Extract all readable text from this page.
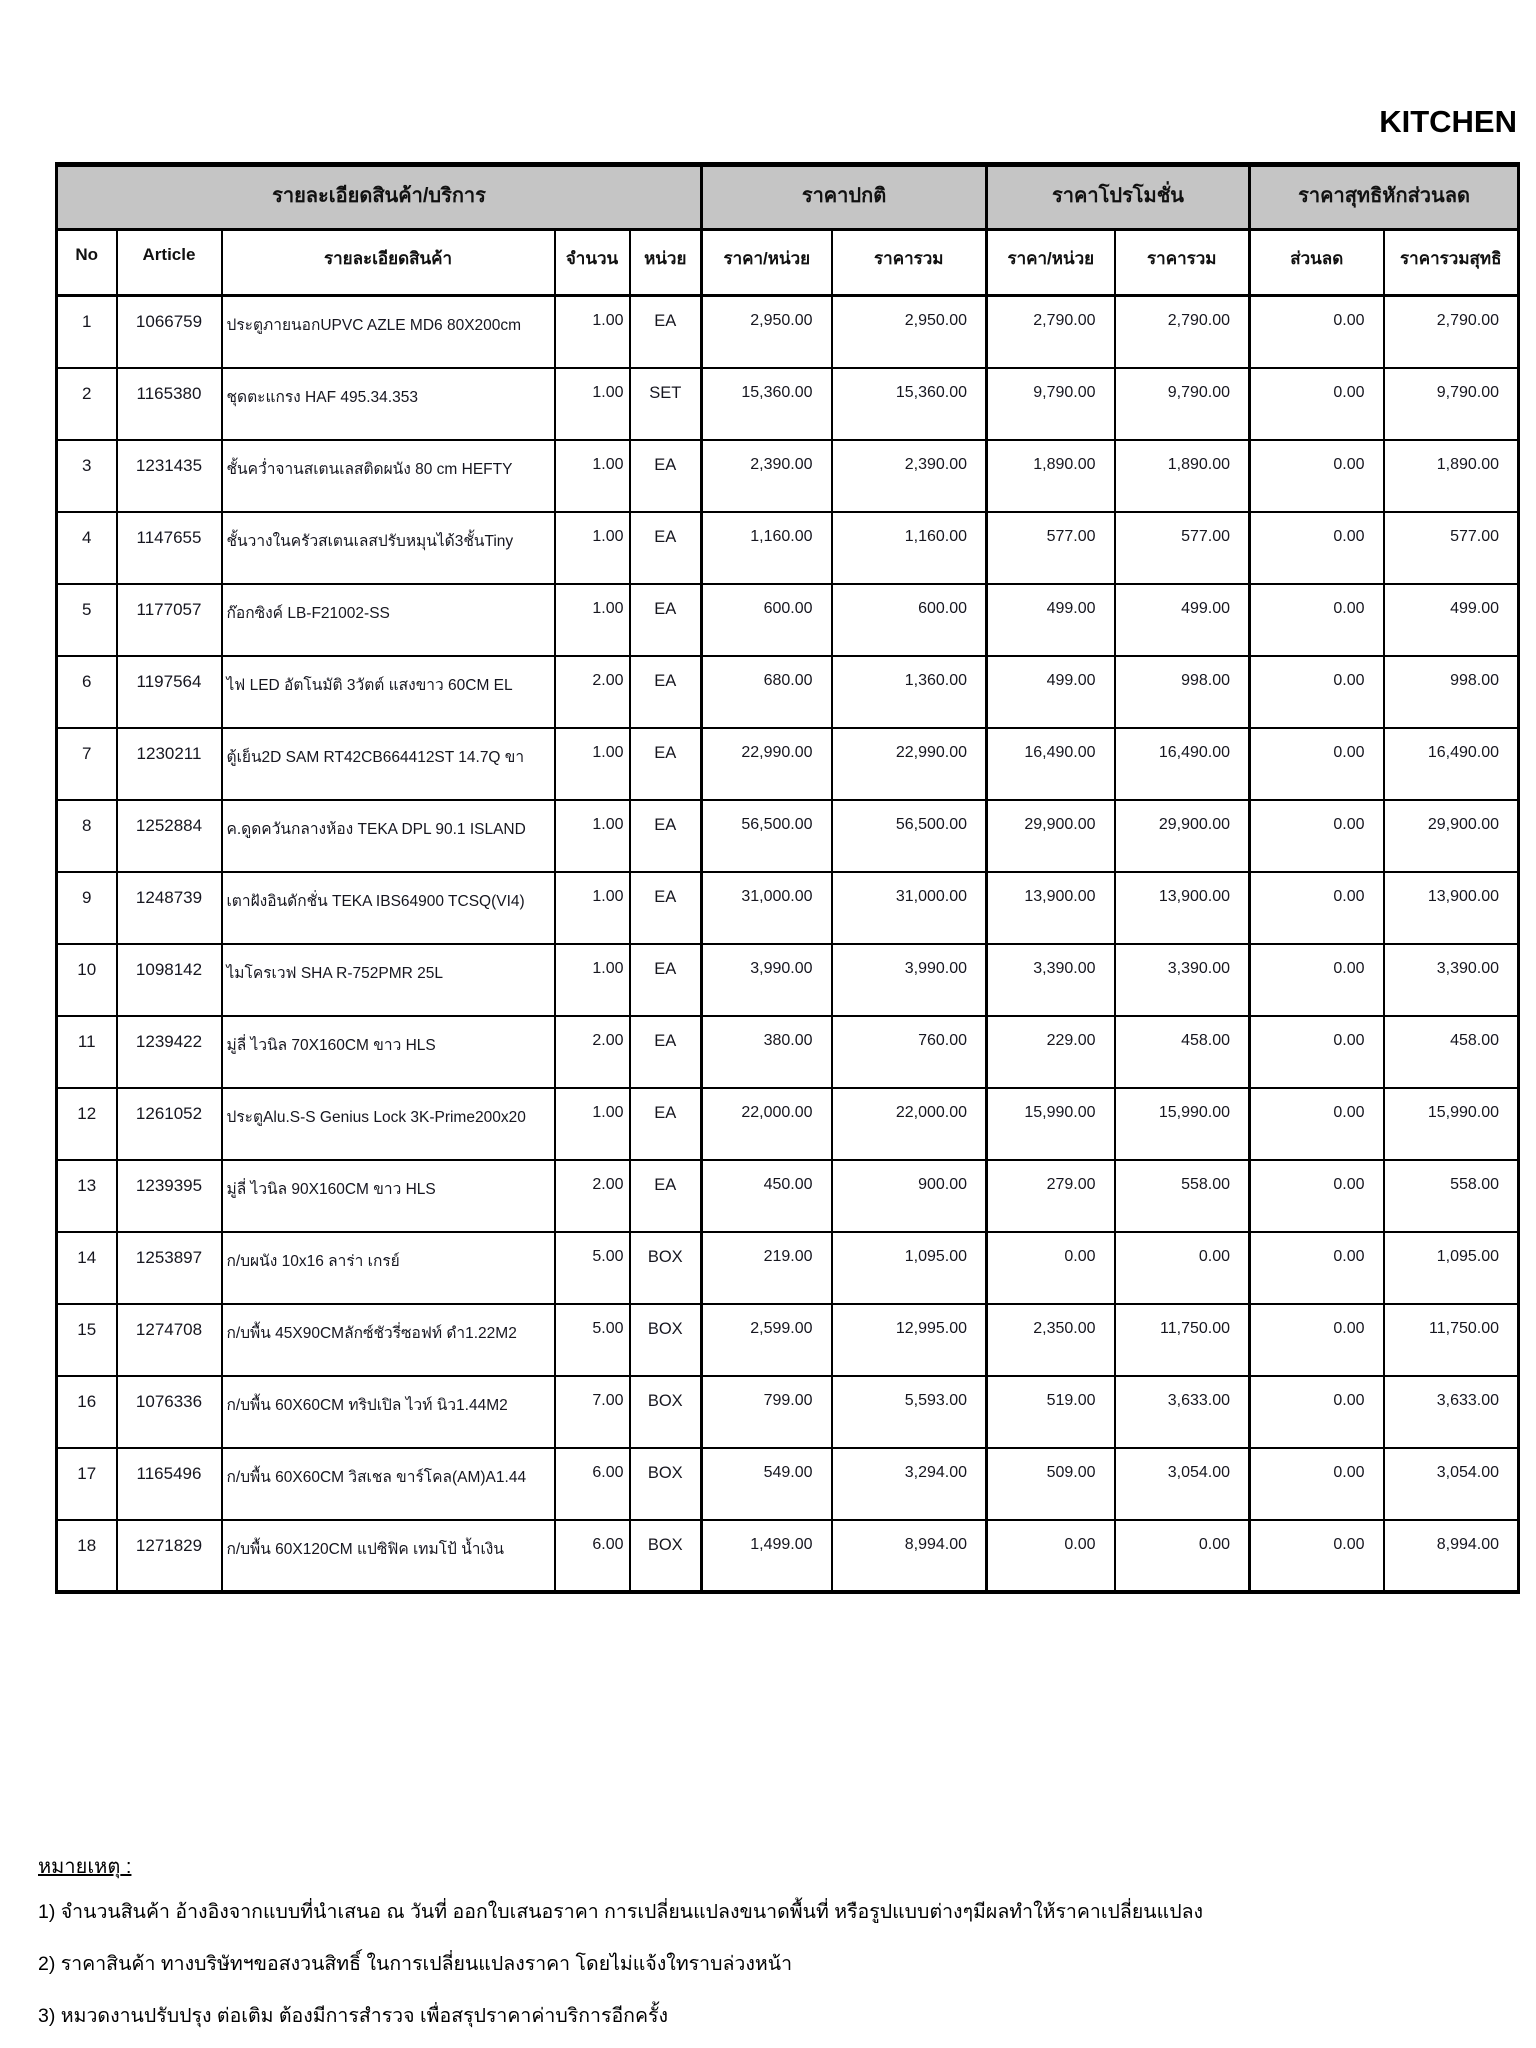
KITCHEN
รายละเอียดสินค้า/บริการ					ราคาปกติ		ราคาโปรโมชั่น		ราคาสุทธิหักส่วนลด	
No	Article	รายละเอียดสินค้า	จำนวน	หน่วย	ราคา/หน่วย	ราคารวม	ราคา/หน่วย	ราคารวม	ส่วนลด	ราคารวมสุทธิ
1	1066759	ประตูภายนอกUPVC AZLE MD6 80X200cm	1.00	EA	2,950.00	2,950.00	2,790.00	2,790.00	0.00	2,790.00
2	1165380	ชุดตะแกรง HAF 495.34.353	1.00	SET	15,360.00	15,360.00	9,790.00	9,790.00	0.00	9,790.00
3	1231435	ชั้นคว่ำจานสเตนเลสติดผนัง 80 cm HEFTY	1.00	EA	2,390.00	2,390.00	1,890.00	1,890.00	0.00	1,890.00
4	1147655	ชั้นวางในครัวสเตนเลสปรับหมุนได้3ชั้นTiny	1.00	EA	1,160.00	1,160.00	577.00	577.00	0.00	577.00
5	1177057	ก๊อกซิงค์ LB-F21002-SS	1.00	EA	600.00	600.00	499.00	499.00	0.00	499.00
6	1197564	ไฟ LED อัตโนมัติ 3วัตต์ แสงขาว 60CM EL	2.00	EA	680.00	1,360.00	499.00	998.00	0.00	998.00
7	1230211	ตู้เย็น2D SAM RT42CB664412ST 14.7Q ขา	1.00	EA	22,990.00	22,990.00	16,490.00	16,490.00	0.00	16,490.00
8	1252884	ค.ดูดควันกลางห้อง TEKA DPL 90.1 ISLAND	1.00	EA	56,500.00	56,500.00	29,900.00	29,900.00	0.00	29,900.00
9	1248739	เตาฝังอินดักชั่น TEKA IBS64900 TCSQ(VI4)	1.00	EA	31,000.00	31,000.00	13,900.00	13,900.00	0.00	13,900.00
10	1098142	ไมโครเวฟ SHA R-752PMR 25L	1.00	EA	3,990.00	3,990.00	3,390.00	3,390.00	0.00	3,390.00
11	1239422	มู่ลี่ ไวนิล 70X160CM ขาว HLS	2.00	EA	380.00	760.00	229.00	458.00	0.00	458.00
12	1261052	ประตูAlu.S-S Genius Lock 3K-Prime200x20	1.00	EA	22,000.00	22,000.00	15,990.00	15,990.00	0.00	15,990.00
13	1239395	มู่ลี่ ไวนิล 90X160CM ขาว HLS	2.00	EA	450.00	900.00	279.00	558.00	0.00	558.00
14	1253897	ก/บผนัง 10x16 ลาร่า เกรย์	5.00	BOX	219.00	1,095.00	0.00	0.00	0.00	1,095.00
15	1274708	ก/บพื้น 45X90CMลักซ์ชัวรี่ซอฟท์ ดำ1.22M2	5.00	BOX	2,599.00	12,995.00	2,350.00	11,750.00	0.00	11,750.00
16	1076336	ก/บพื้น 60X60CM ทริปเปิล ไวท์ นิว1.44M2	7.00	BOX	799.00	5,593.00	519.00	3,633.00	0.00	3,633.00
17	1165496	ก/บพื้น 60X60CM วิสเชล ขาร์โคล(AM)A1.44	6.00	BOX	549.00	3,294.00	509.00	3,054.00	0.00	3,054.00
18	1271829	ก/บพื้น 60X120CM แปซิฟิค เทมโป้ น้ำเงิน	6.00	BOX	1,499.00	8,994.00	0.00	0.00	0.00	8,994.00
หมายเหตุ :
1) จำนวนสินค้า อ้างอิงจากแบบที่นำเสนอ ณ วันที่ ออกใบเสนอราคา การเปลี่ยนแปลงขนาดพื้นที่ หรือรูปแบบต่างๆมีผลทำให้ราคาเปลี่ยนแปลง
2) ราคาสินค้า ทางบริษัทฯขอสงวนสิทธิ์ ในการเปลี่ยนแปลงราคา โดยไม่แจ้งใทราบล่วงหน้า
3) หมวดงานปรับปรุง ต่อเติม ต้องมีการสำรวจ เพื่อสรุปราคาค่าบริการอีกครั้ง
